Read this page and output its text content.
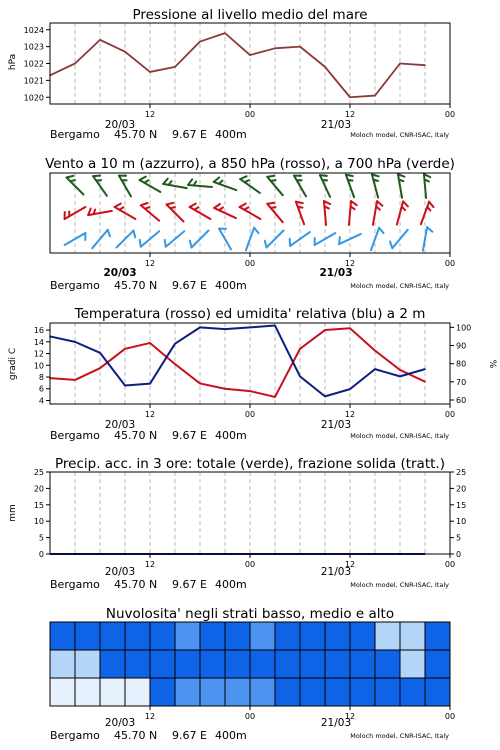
Pressione al livello medio del mare
hPa
1020
1021
1022
1023
1024
12	00	12	00
20/03	21/03
Bergamo 45.70 N 9.67 E 400m	Moloch model, CNR-ISAC, Italy
Vento a 10 m (azzurro), a 850 hPa (rosso), a 700 hPa (verde)
12	00	12	00
20/03	21/03
Bergamo 45.70 N 9.67 E 400m	Moloch model, CNR-ISAC, Italy
Temperatura (rosso) ed umidita' relativa (blu) a 2 m
gradi C	%
4
6
8
10
12
14
16
60
70
80
90
100
12	00	12	00
20/03	21/03
Bergamo 45.70 N 9.67 E 400m	Moloch model, CNR-ISAC, Italy
Precip. acc. in 3 ore: totale (verde), frazione solida (tratt.)
mm
0
5
10
15
20
25
0
5
10
15
20
25
12	00	12	00
20/03	21/03
Bergamo 45.70 N 9.67 E 400m	Moloch model, CNR-ISAC, Italy
Nuvolosita' negli strati basso, medio e alto
12	00	12	00
20/03	21/03
Bergamo 45.70 N 9.67 E 400m	Moloch model, CNR-ISAC, Italy
